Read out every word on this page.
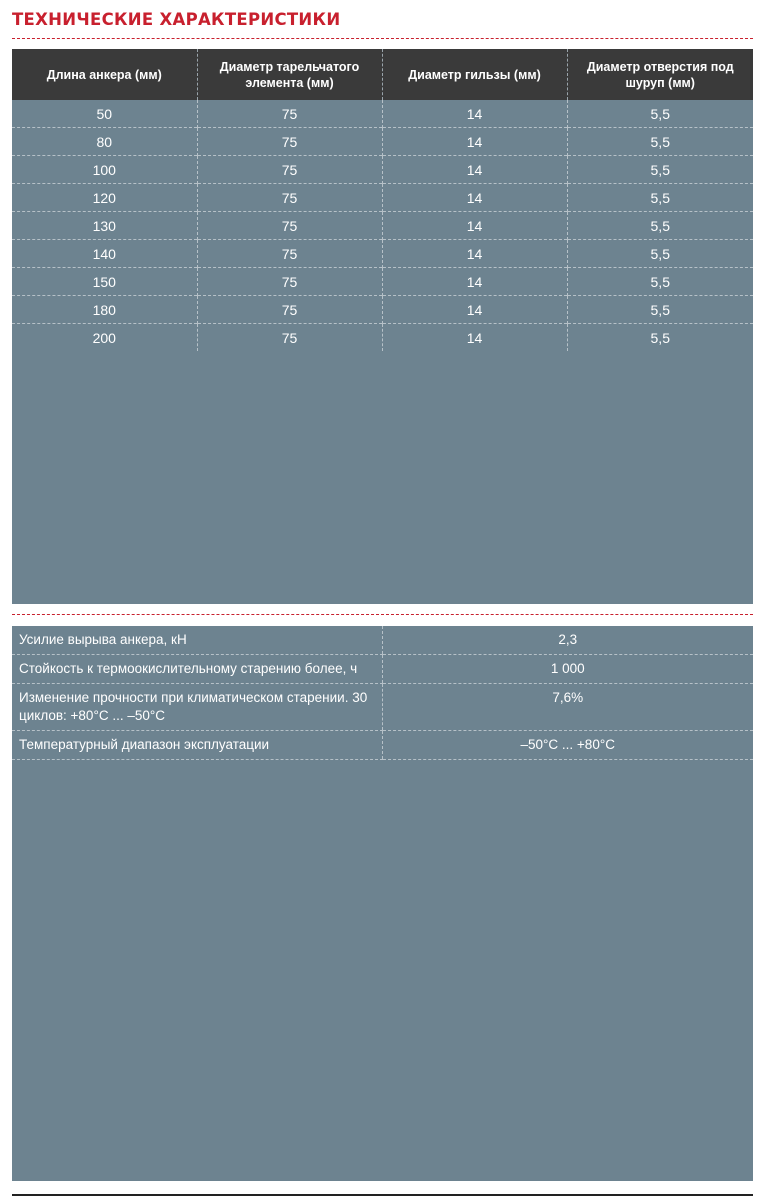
ТЕХНИЧЕСКИЕ ХАРАКТЕРИСТИКИ
Длина анкера (мм)	Диаметр тарельчатого элемента (мм)	Диаметр гильзы (мм)	Диаметр отверстия под шуруп (мм)
50	75	14	5,5
80	75	14	5,5
100	75	14	5,5
120	75	14	5,5
130	75	14	5,5
140	75	14	5,5
150	75	14	5,5
180	75	14	5,5
200	75	14	5,5
Усилие вырыва анкера, кН	2,3
Стойкость к термоокислительному старению более, ч	1 000
Изменение прочности при климатическом старении. 30 циклов: +80°С ... –50°С	7,6%
Температурный диапазон эксплуатации	–50°С ... +80°С
